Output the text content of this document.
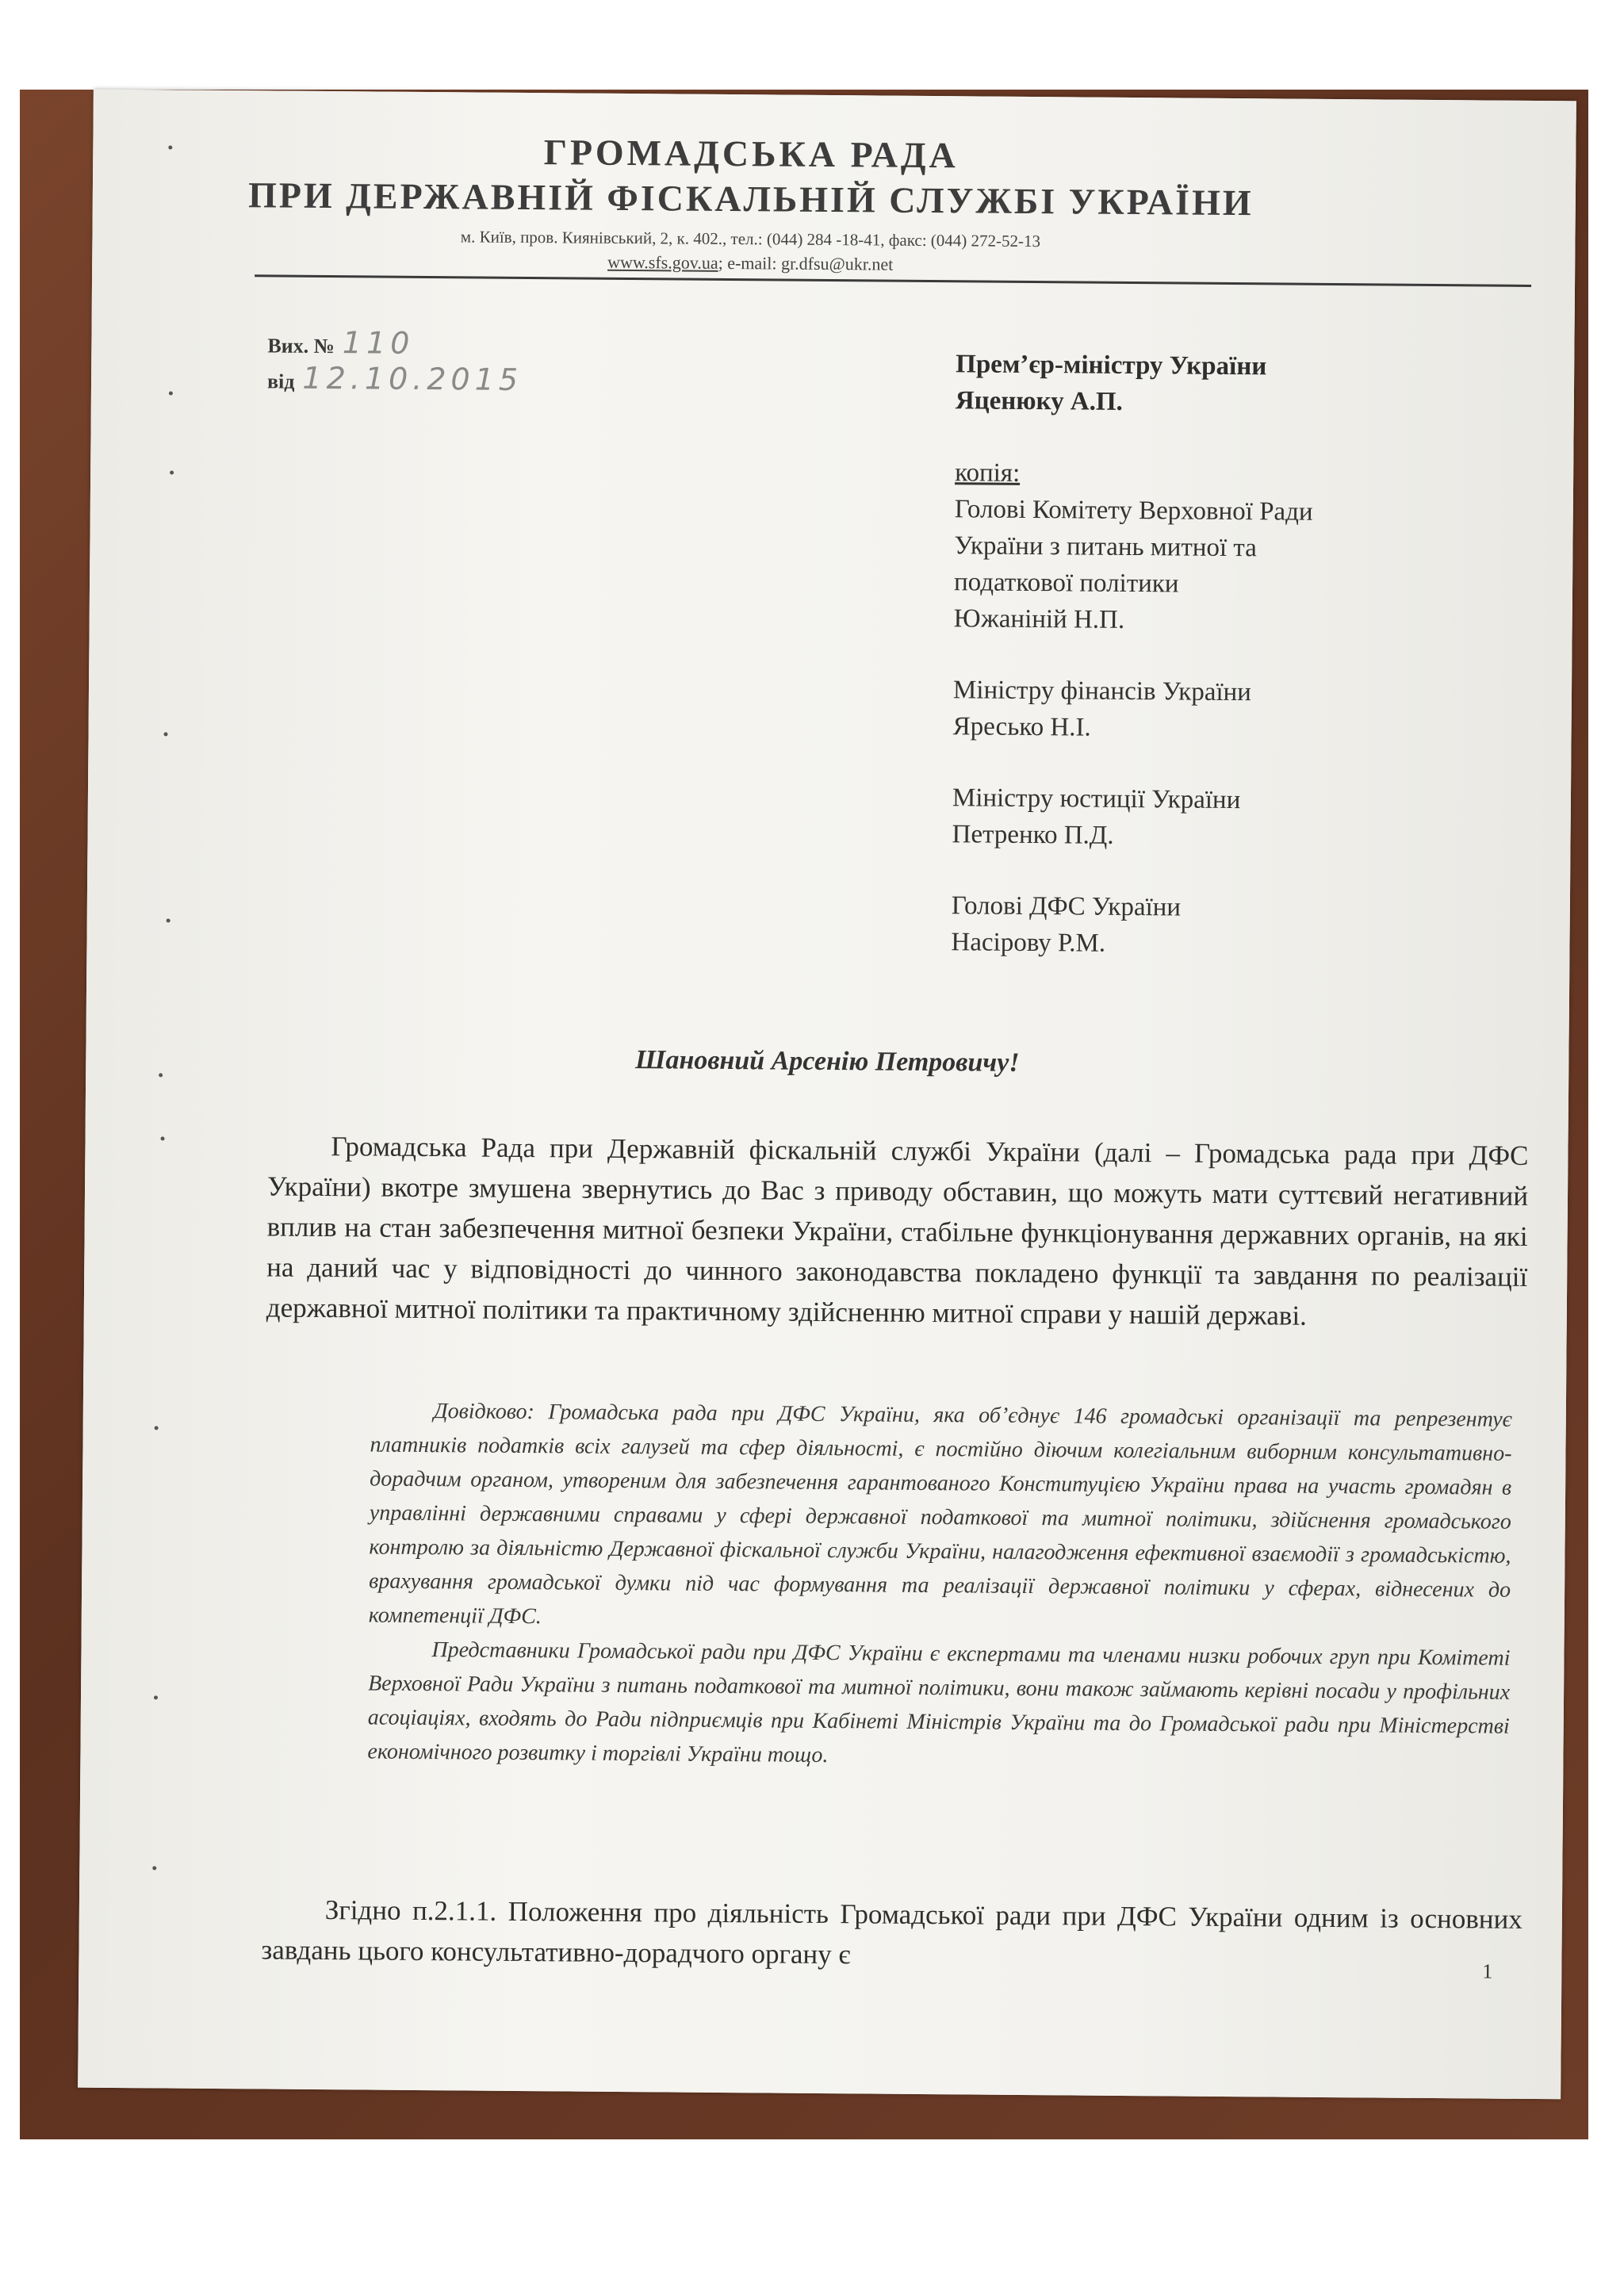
ГРОМАДСЬКА РАДА
ПРИ ДЕРЖАВНІЙ ФІСКАЛЬНІЙ СЛУЖБІ УКРАЇНИ
м. Київ, пров. Киянівський, 2, к. 402., тел.: (044) 284 -18-41, факс: (044) 272-52-13
www.sfs.gov.ua; e-mail: gr.dfsu@ukr.net
Вих. № 110
від 12.10.2015	Прем’єр-міністру України
Яценюку А.П.
копія:
Голові Комітету Верховної Ради
України з питань митної та
податкової політики
Южаніній Н.П.
Міністру фінансів України
Яресько Н.І.
Міністру юстиції України
Петренко П.Д.
Голові ДФС України
Насірову Р.М.
Шановний Арсенію Петровичу!

Громадська Рада при Державній фіскальній службі України (далі – Громадська рада при ДФС України) вкотре змушена звернутись до Вас з приводу обставин, що можуть мати суттєвий негативний вплив на стан забезпечення митної безпеки України, стабільне функціонування державних органів, на які на даний час у відповідності до чинного законодавства покладено функції та завдання по реалізації державної митної політики та практичному здійсненню митної справи у нашій державі.

Довідково: Громадська рада при ДФС України, яка об’єднує 146 громадські організації та репрезентує платників податків всіх галузей та сфер діяльності, є постійно діючим колегіальним виборним консультативно-дорадчим органом, утвореним для забезпечення гарантованого Конституцією України права на участь громадян в управлінні державними справами у сфері державної податкової та митної політики, здійснення громадського контролю за діяльністю Державної фіскальної служби України, налагодження ефективної взаємодії з громадськістю, врахування громадської думки під час формування та реалізації державної політики у сферах, віднесених до компетенції ДФС.

Представники Громадської ради при ДФС України є експертами та членами низки робочих груп при Комітеті Верховної Ради України з питань податкової та митної політики, вони також займають керівні посади у профільних асоціаціях, входять до Ради підприємців при Кабінеті Міністрів України та до Громадської ради при Міністерстві економічного розвитку і торгівлі України тощо.

Згідно п.2.1.1. Положення про діяльність Громадської ради при ДФС України одним із основних завдань цього консультативно-дорадчого органу є

1
